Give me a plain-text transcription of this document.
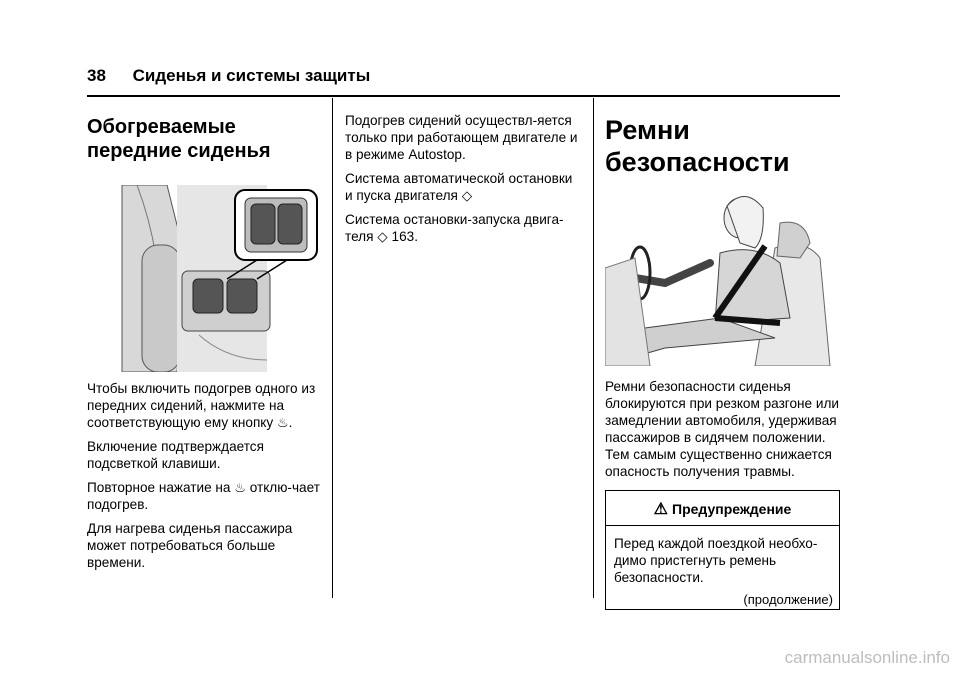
38 Сиденья и системы защиты
Обогреваемые
передние сиденья

Чтобы включить подогрев одного из передних сидений, нажмите на соответствующую ему кнопку ♨.

Включение подтверждается подсветкой клавиши.

Повторное нажатие на ♨ отклю-чает подогрев.

Для нагрева сиденья пассажира может потребоваться больше времени.

Подогрев сидений осуществл-яется только при работающем двигателе и в режиме Autostop.

Система автоматической остановки и пуска двигателя ◇

Система остановки-запуска двига-теля ◇ 163.

Ремни безопасности

Ремни безопасности сиденья блокируются при резком разгоне или замедлении автомобиля, удерживая пассажиров в сидячем положении. Тем самым существенно снижается опасность получения травмы.

⚠ Предупреждение

Перед каждой поездкой необхо-димо пристегнуть ремень безопасности.

(продолжение)
carmanualsonline.info
